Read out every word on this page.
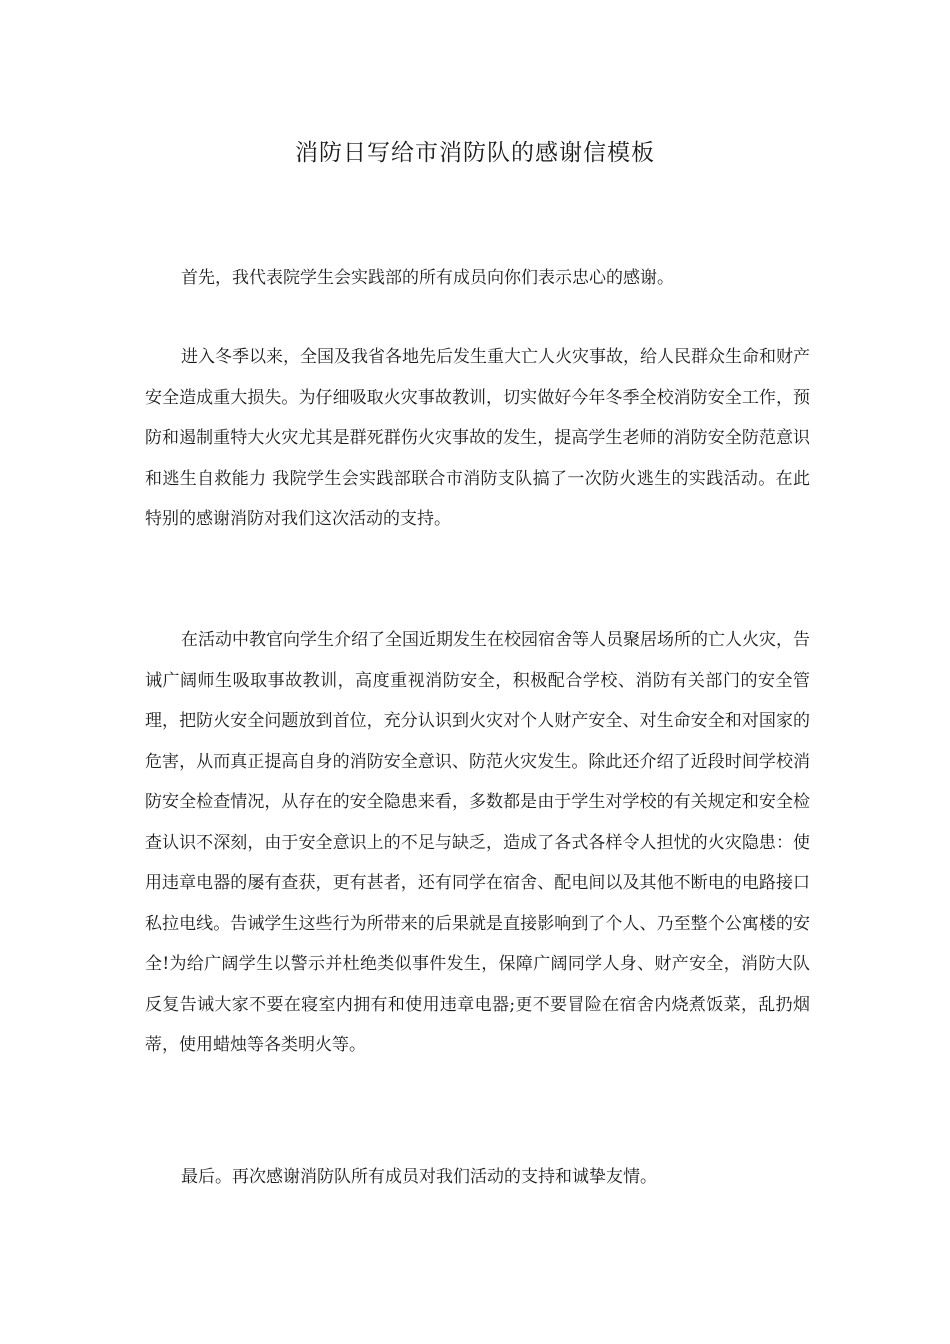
消防日写给市消防队的感谢信模板

首先，我代表院学生会实践部的所有成员向你们表示忠心的感谢。

进入冬季以来，全国及我省各地先后发生重大亡人火灾事故，给人民群众生命和财产安全造成重大损失。为仔细吸取火灾事故教训，切实做好今年冬季全校消防安全工作，预防和遏制重特大火灾尤其是群死群伤火灾事故的发生，提高学生老师的消防安全防范意识和逃生自救能力 我院学生会实践部联合市消防支队搞了一次防火逃生的实践活动。在此特别的感谢消防对我们这次活动的支持。

在活动中教官向学生介绍了全国近期发生在校园宿舍等人员聚居场所的亡人火灾，告诫广阔师生吸取事故教训，高度重视消防安全，积极配合学校、消防有关部门的安全管理，把防火安全问题放到首位，充分认识到火灾对个人财产安全、对生命安全和对国家的危害，从而真正提高自身的消防安全意识、防范火灾发生。除此还介绍了近段时间学校消防安全检查情况，从存在的安全隐患来看，多数都是由于学生对学校的有关规定和安全检查认识不深刻，由于安全意识上的不足与缺乏，造成了各式各样令人担忧的火灾隐患：使用违章电器的屡有查获，更有甚者，还有同学在宿舍、配电间以及其他不断电的电路接口私拉电线。告诫学生这些行为所带来的后果就是直接影响到了个人、乃至整个公寓楼的安全!为给广阔学生以警示并杜绝类似事件发生，保障广阔同学人身、财产安全，消防大队反复告诫大家不要在寝室内拥有和使用违章电器;更不要冒险在宿舍内烧煮饭菜，乱扔烟蒂，使用蜡烛等各类明火等。

最后。再次感谢消防队所有成员对我们活动的支持和诚挚友情。
